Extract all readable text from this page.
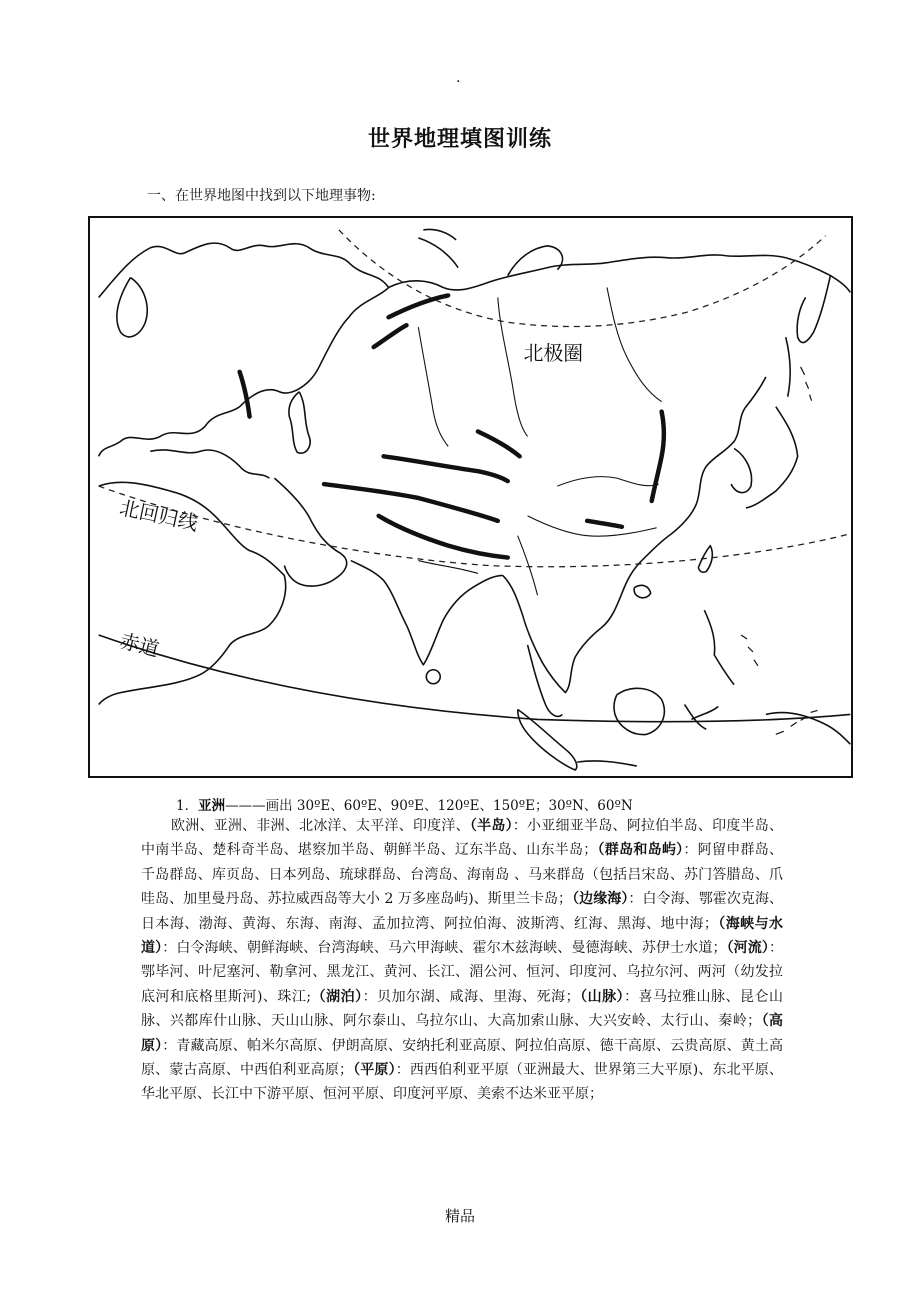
.
世界地理填图训练
一、在世界地图中找到以下地理事物:
北极圈
北回归线
赤道
1．亚洲———画出 30ºE、60ºE、90ºE、120ºE、150ºE；30ºN、60ºN
欧洲、亚洲、非洲、北冰洋、太平洋、印度洋、（半岛）：小亚细亚半岛、阿拉伯半岛、印度半岛、中南半岛、楚科奇半岛、堪察加半岛、朝鲜半岛、辽东半岛、山东半岛；（群岛和岛屿）：阿留申群岛、千岛群岛、库页岛、日本列岛、琉球群岛、台湾岛、海南岛 、马来群岛（包括吕宋岛、苏门答腊岛、爪哇岛、加里曼丹岛、苏拉威西岛等大小 2 万多座岛屿)、斯里兰卡岛；（边缘海）：白令海、鄂霍次克海、日本海、渤海、黄海、东海、南海、孟加拉湾、阿拉伯海、波斯湾、红海、黑海、地中海；（海峡与水道）：白令海峡、朝鲜海峡、台湾海峡、马六甲海峡、霍尔木兹海峡、曼德海峡、苏伊士水道；（河流）：鄂毕河、叶尼塞河、勒拿河、黑龙江、黄河、长江、湄公河、恒河、印度河、乌拉尔河、两河（幼发拉底河和底格里斯河)、珠江;（湖泊）：贝加尔湖、咸海、里海、死海；（山脉）：喜马拉雅山脉、昆仑山脉、兴都库什山脉、天山山脉、阿尔泰山、乌拉尔山、大高加索山脉、大兴安岭、太行山、秦岭；（高原）：青藏高原、帕米尔高原、伊朗高原、安纳托利亚高原、阿拉伯高原、德干高原、云贵高原、黄土高原、蒙古高原、中西伯利亚高原；（平原）：西西伯利亚平原（亚洲最大、世界第三大平原)、东北平原、华北平原、长江中下游平原、恒河平原、印度河平原、美索不达米亚平原；
精品
